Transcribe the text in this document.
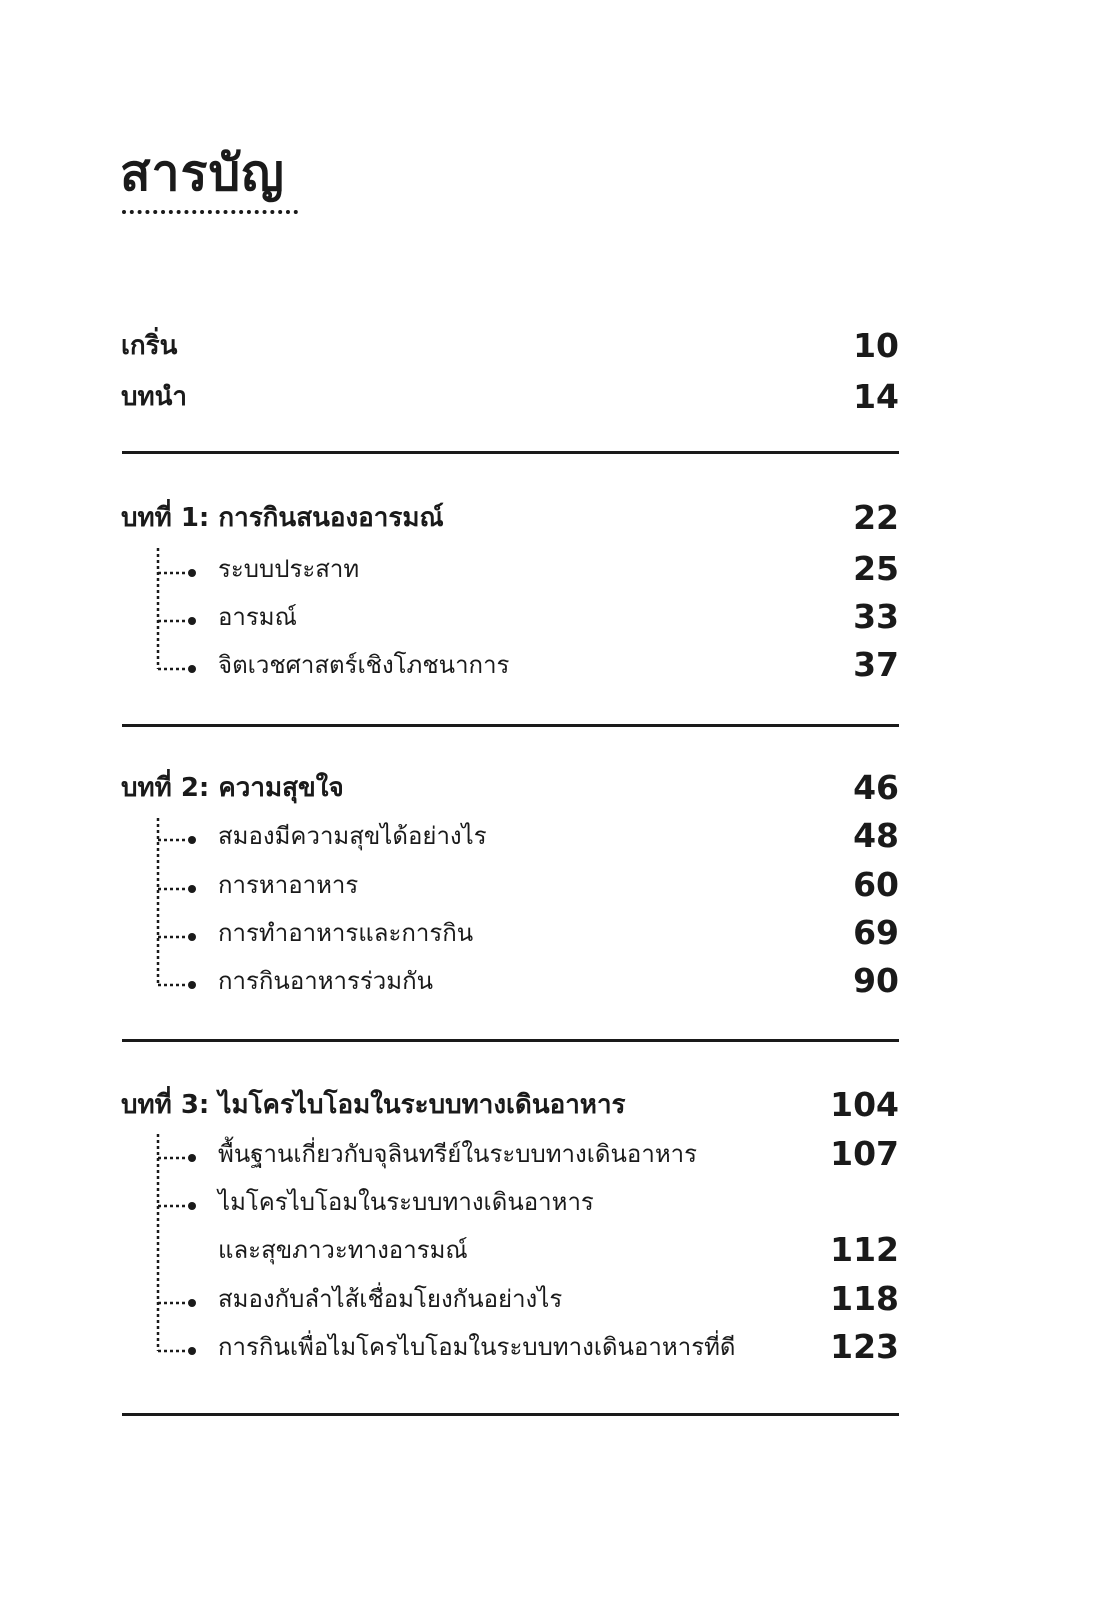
สารบัญ
เกริ่น	10
บทนำ	14
บทที่ 1: การกินสนองอารมณ์	22
ระบบประสาท	25
อารมณ์	33
จิตเวชศาสตร์เชิงโภชนาการ	37
บทที่ 2: ความสุขใจ	46
สมองมีความสุขได้อย่างไร	48
การหาอาหาร	60
การทำอาหารและการกิน	69
การกินอาหารร่วมกัน	90
บทที่ 3: ไมโครไบโอมในระบบทางเดินอาหาร	104
พื้นฐานเกี่ยวกับจุลินทรีย์ในระบบทางเดินอาหาร	107
ไมโครไบโอมในระบบทางเดินอาหาร
และสุขภาวะทางอารมณ์	112
สมองกับลำไส้เชื่อมโยงกันอย่างไร	118
การกินเพื่อไมโครไบโอมในระบบทางเดินอาหารที่ดี	123
